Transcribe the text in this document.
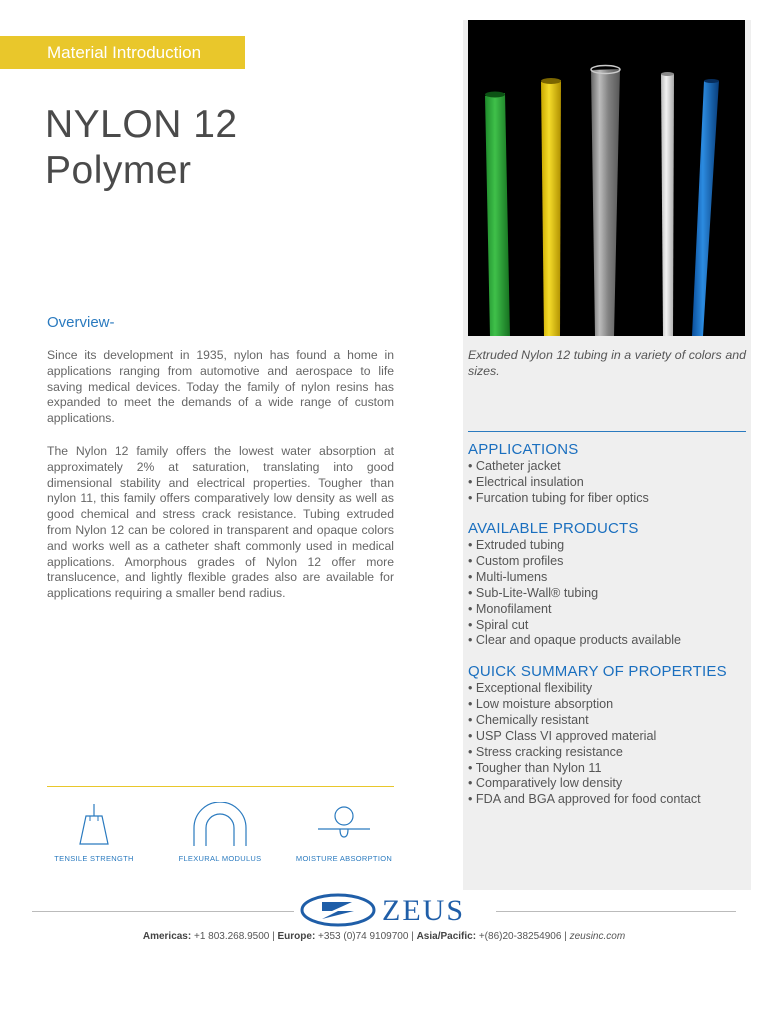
Material Introduction
NYLON 12
Polymer
Overview-
Since its development in 1935, nylon has found a home in applications ranging from automotive and aerospace to life saving medical devices. Today the family of nylon resins has expanded to meet the demands of a wide range of custom applications.
The Nylon 12 family offers the lowest water absorption at approximately 2% at saturation, translating into good dimensional stability and electrical properties. Tougher than nylon 11, this family offers comparatively low density as well as good chemical and stress crack resistance. Tubing extruded from Nylon 12 can be colored in transparent and opaque colors and works well as a catheter shaft commonly used in medical applications. Amorphous grades of Nylon 12 offer more translucence, and lightly flexible grades also are available for applications requiring a smaller bend radius.
TENSILE STRENGTH	FLEXURAL MODULUS	MOISTURE ABSORPTION
Extruded Nylon 12 tubing in a variety of colors and sizes.
APPLICATIONS
• Catheter jacket
• Electrical insulation
• Furcation tubing for fiber optics
AVAILABLE PRODUCTS
• Extruded tubing
• Custom profiles
• Multi-lumens
• Sub-Lite-Wall® tubing
• Monofilament
• Spiral cut
• Clear and opaque products available
QUICK SUMMARY OF PROPERTIES
• Exceptional flexibility
• Low moisture absorption
• Chemically resistant
• USP Class VI approved material
• Stress cracking resistance
• Tougher than Nylon 11
• Comparatively low density
• FDA and BGA approved for food contact
ZEUS
Americas: +1 803.268.9500 | Europe: +353 (0)74 9109700 | Asia/Pacific: +(86)20-38254906 | zeusinc.com
